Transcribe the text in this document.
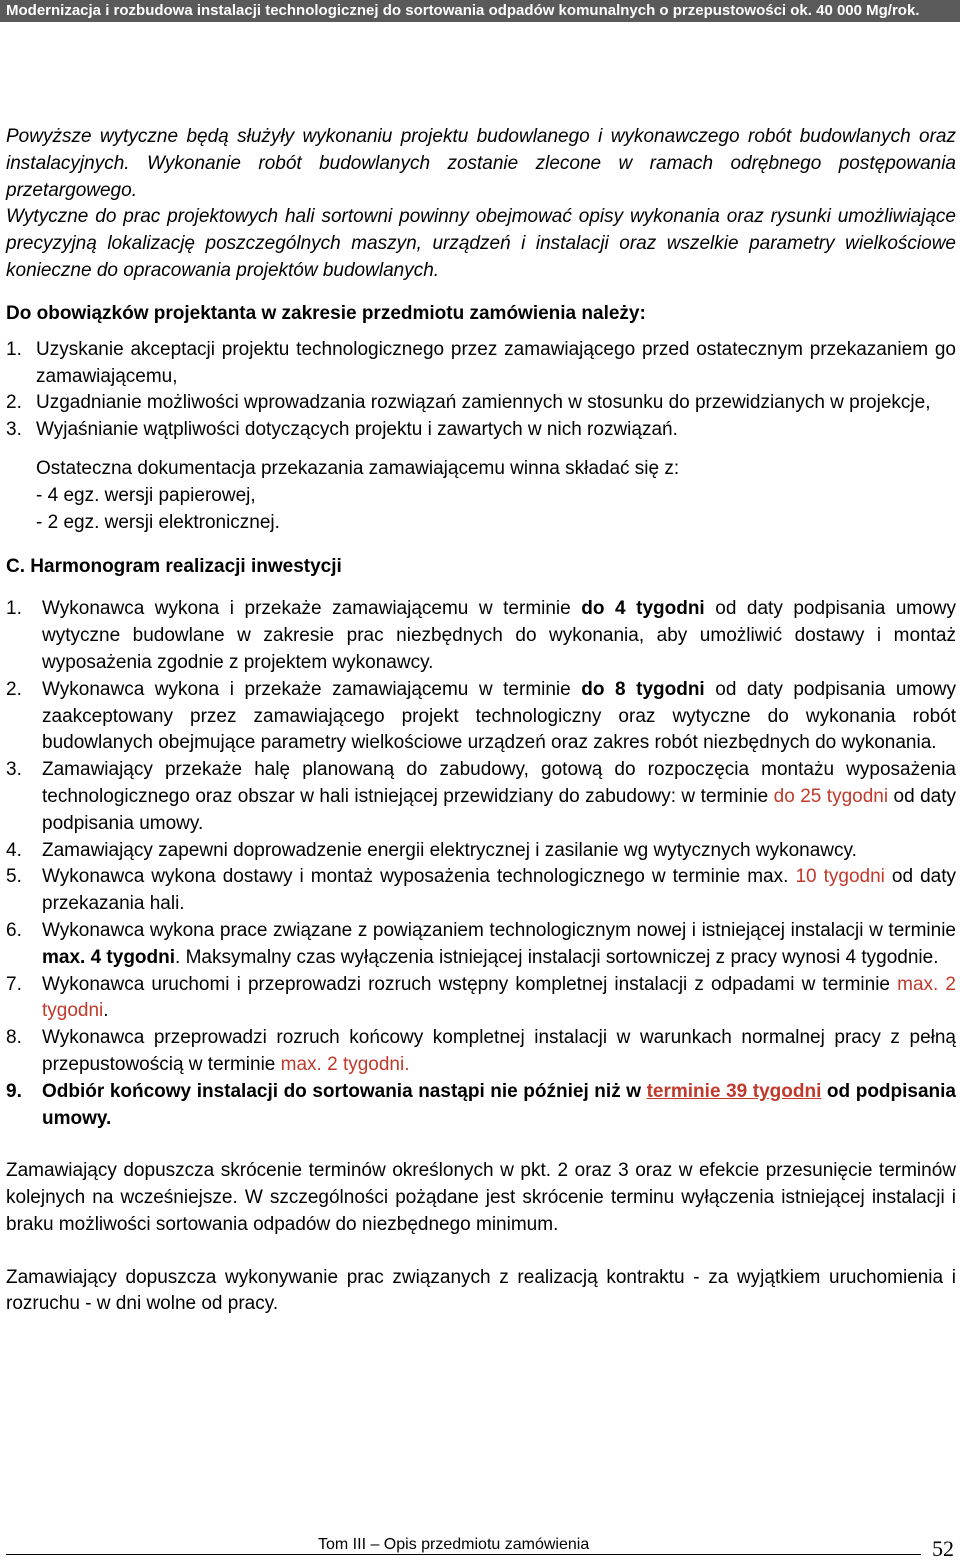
Modernizacja i rozbudowa instalacji technologicznej do sortowania odpadów komunalnych o przepustowości ok. 40 000 Mg/rok.

Powyższe wytyczne będą służyły wykonaniu projektu budowlanego i wykonawczego robót budowlanych oraz instalacyjnych. Wykonanie robót budowlanych zostanie zlecone w ramach odrębnego postępowania przetargowego.

Wytyczne do prac projektowych hali sortowni powinny obejmować opisy wykonania oraz rysunki umożliwiające precyzyjną lokalizację poszczególnych maszyn, urządzeń i instalacji oraz wszelkie parametry wielkościowe konieczne do opracowania projektów budowlanych.

Do obowiązków projektanta w zakresie przedmiotu zamówienia należy:

1. Uzyskanie akceptacji projektu technologicznego przez zamawiającego przed ostatecznym przekazaniem go zamawiającemu,
2. Uzgadnianie możliwości wprowadzania rozwiązań zamiennych w stosunku do przewidzianych w projekcje,
3. Wyjaśnianie wątpliwości dotyczących projektu i zawartych w nich rozwiązań.

Ostateczna dokumentacja przekazania zamawiającemu winna składać się z:

- 4 egz. wersji papierowej,

- 2 egz. wersji elektronicznej.

C. Harmonogram realizacji inwestycji

1.	Wykonawca wykona i przekaże zamawiającemu w terminie do 4 tygodni od daty podpisania umowy wytyczne budowlane w zakresie prac niezbędnych do wykonania, aby umożliwić dostawy i montaż wyposażenia zgodnie z projektem wykonawcy.
2.	Wykonawca wykona i przekaże zamawiającemu w terminie do 8 tygodni od daty podpisania umowy zaakceptowany przez zamawiającego projekt technologiczny oraz wytyczne do wykonania robót budowlanych obejmujące parametry wielkościowe urządzeń oraz zakres robót niezbędnych do wykonania.
3.	Zamawiający przekaże halę planowaną do zabudowy, gotową do rozpoczęcia montażu wyposażenia technologicznego oraz obszar w hali istniejącej przewidziany do zabudowy: w terminie do 25 tygodni od daty podpisania umowy.
4.	Zamawiający zapewni doprowadzenie energii elektrycznej i zasilanie wg wytycznych wykonawcy.
5.	Wykonawca wykona dostawy i montaż wyposażenia technologicznego w terminie max. 10 tygodni od daty przekazania hali.
6.	Wykonawca wykona prace związane z powiązaniem technologicznym nowej i istniejącej instalacji w terminie max. 4 tygodni. Maksymalny czas wyłączenia istniejącej instalacji sortowniczej z pracy wynosi 4 tygodnie.
7.	Wykonawca uruchomi i przeprowadzi rozruch wstępny kompletnej instalacji z odpadami w terminie max. 2 tygodni.
8.	Wykonawca przeprowadzi rozruch końcowy kompletnej instalacji w warunkach normalnej pracy z pełną przepustowością w terminie max. 2 tygodni.
9.	Odbiór końcowy instalacji do sortowania nastąpi nie później niż w terminie 39 tygodni od podpisania umowy.

Zamawiający dopuszcza skrócenie terminów określonych w pkt. 2 oraz 3 oraz w efekcie przesunięcie terminów kolejnych na wcześniejsze. W szczególności pożądane jest skrócenie terminu wyłączenia istniejącej instalacji i braku możliwości sortowania odpadów do niezbędnego minimum.

Zamawiający dopuszcza wykonywanie prac związanych z realizacją kontraktu - za wyjątkiem uruchomienia i rozruchu - w dni wolne od pracy.

Tom III – Opis przedmiotu zamówienia	52
